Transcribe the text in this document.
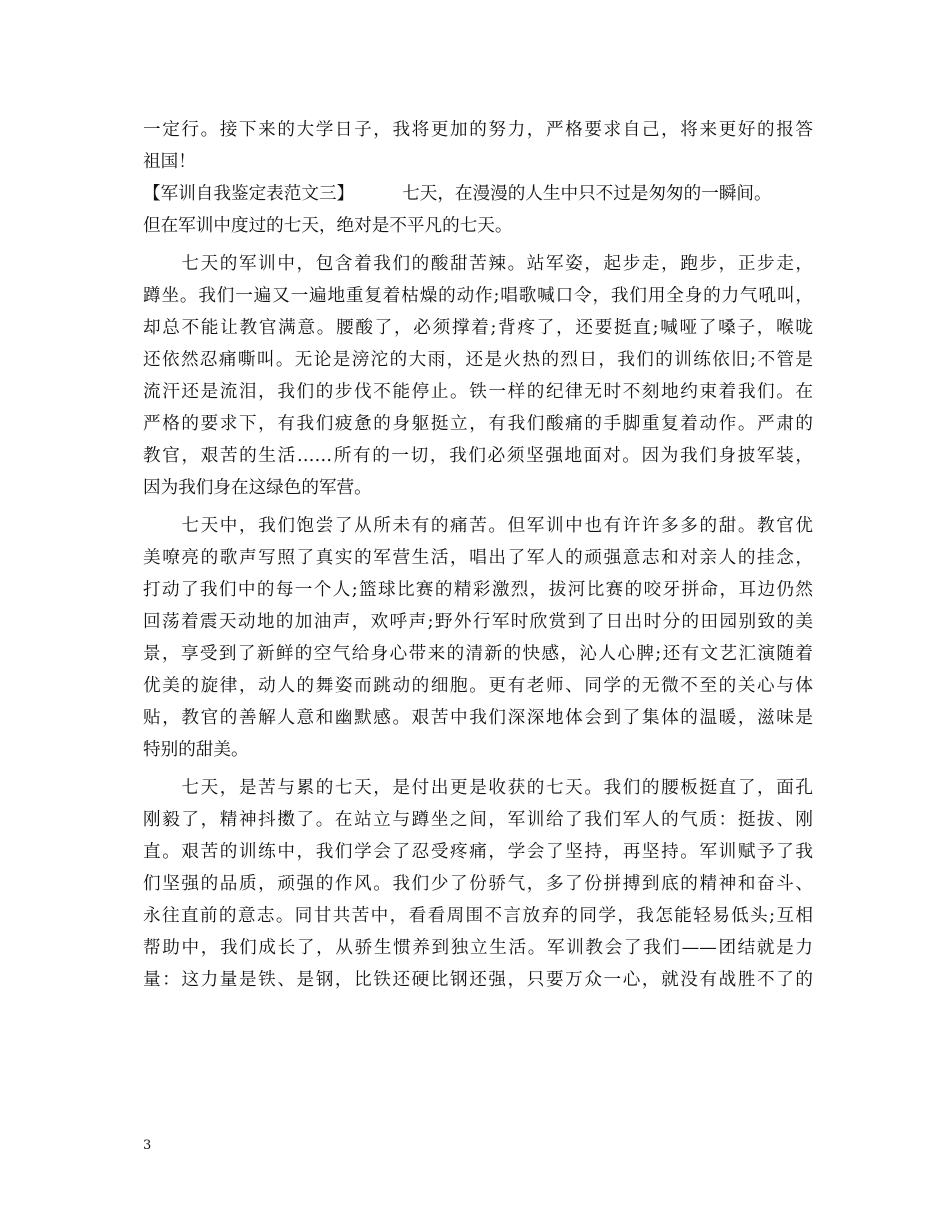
一定行。接下来的大学日子，我将更加的努力，严格要求自己，将来更好的报答
祖国！
【军训自我鉴定表范文三】	七天，在漫漫的人生中只不过是匆匆的一瞬间。
但在军训中度过的七天，绝对是不平凡的七天。
　　七天的军训中，包含着我们的酸甜苦辣。站军姿，起步走，跑步，正步走，
蹲坐。我们一遍又一遍地重复着枯燥的动作;唱歌喊口令，我们用全身的力气吼叫，
却总不能让教官满意。腰酸了，必须撑着;背疼了，还要挺直;喊哑了嗓子，喉咙
还依然忍痛嘶叫。无论是滂沱的大雨，还是火热的烈日，我们的训练依旧;不管是
流汗还是流泪，我们的步伐不能停止。铁一样的纪律无时不刻地约束着我们。在
严格的要求下，有我们疲惫的身躯挺立，有我们酸痛的手脚重复着动作。严肃的
教官，艰苦的生活……所有的一切，我们必须坚强地面对。因为我们身披军装，
因为我们身在这绿色的军营。
　　七天中，我们饱尝了从所未有的痛苦。但军训中也有许许多多的甜。教官优
美嘹亮的歌声写照了真实的军营生活，唱出了军人的顽强意志和对亲人的挂念，
打动了我们中的每一个人;篮球比赛的精彩激烈，拔河比赛的咬牙拼命，耳边仍然
回荡着震天动地的加油声，欢呼声;野外行军时欣赏到了日出时分的田园别致的美
景，享受到了新鲜的空气给身心带来的清新的快感，沁人心脾;还有文艺汇演随着
优美的旋律，动人的舞姿而跳动的细胞。更有老师、同学的无微不至的关心与体
贴，教官的善解人意和幽默感。艰苦中我们深深地体会到了集体的温暖，滋味是
特别的甜美。
　　七天，是苦与累的七天，是付出更是收获的七天。我们的腰板挺直了，面孔
刚毅了，精神抖擞了。在站立与蹲坐之间，军训给了我们军人的气质：挺拔、刚
直。艰苦的训练中，我们学会了忍受疼痛，学会了坚持，再坚持。军训赋予了我
们坚强的品质，顽强的作风。我们少了份骄气，多了份拼搏到底的精神和奋斗、
永往直前的意志。同甘共苦中，看看周围不言放弃的同学，我怎能轻易低头;互相
帮助中，我们成长了，从骄生惯养到独立生活。军训教会了我们——团结就是力
量：这力量是铁、是钢，比铁还硬比钢还强，只要万众一心，就没有战胜不了的
3
